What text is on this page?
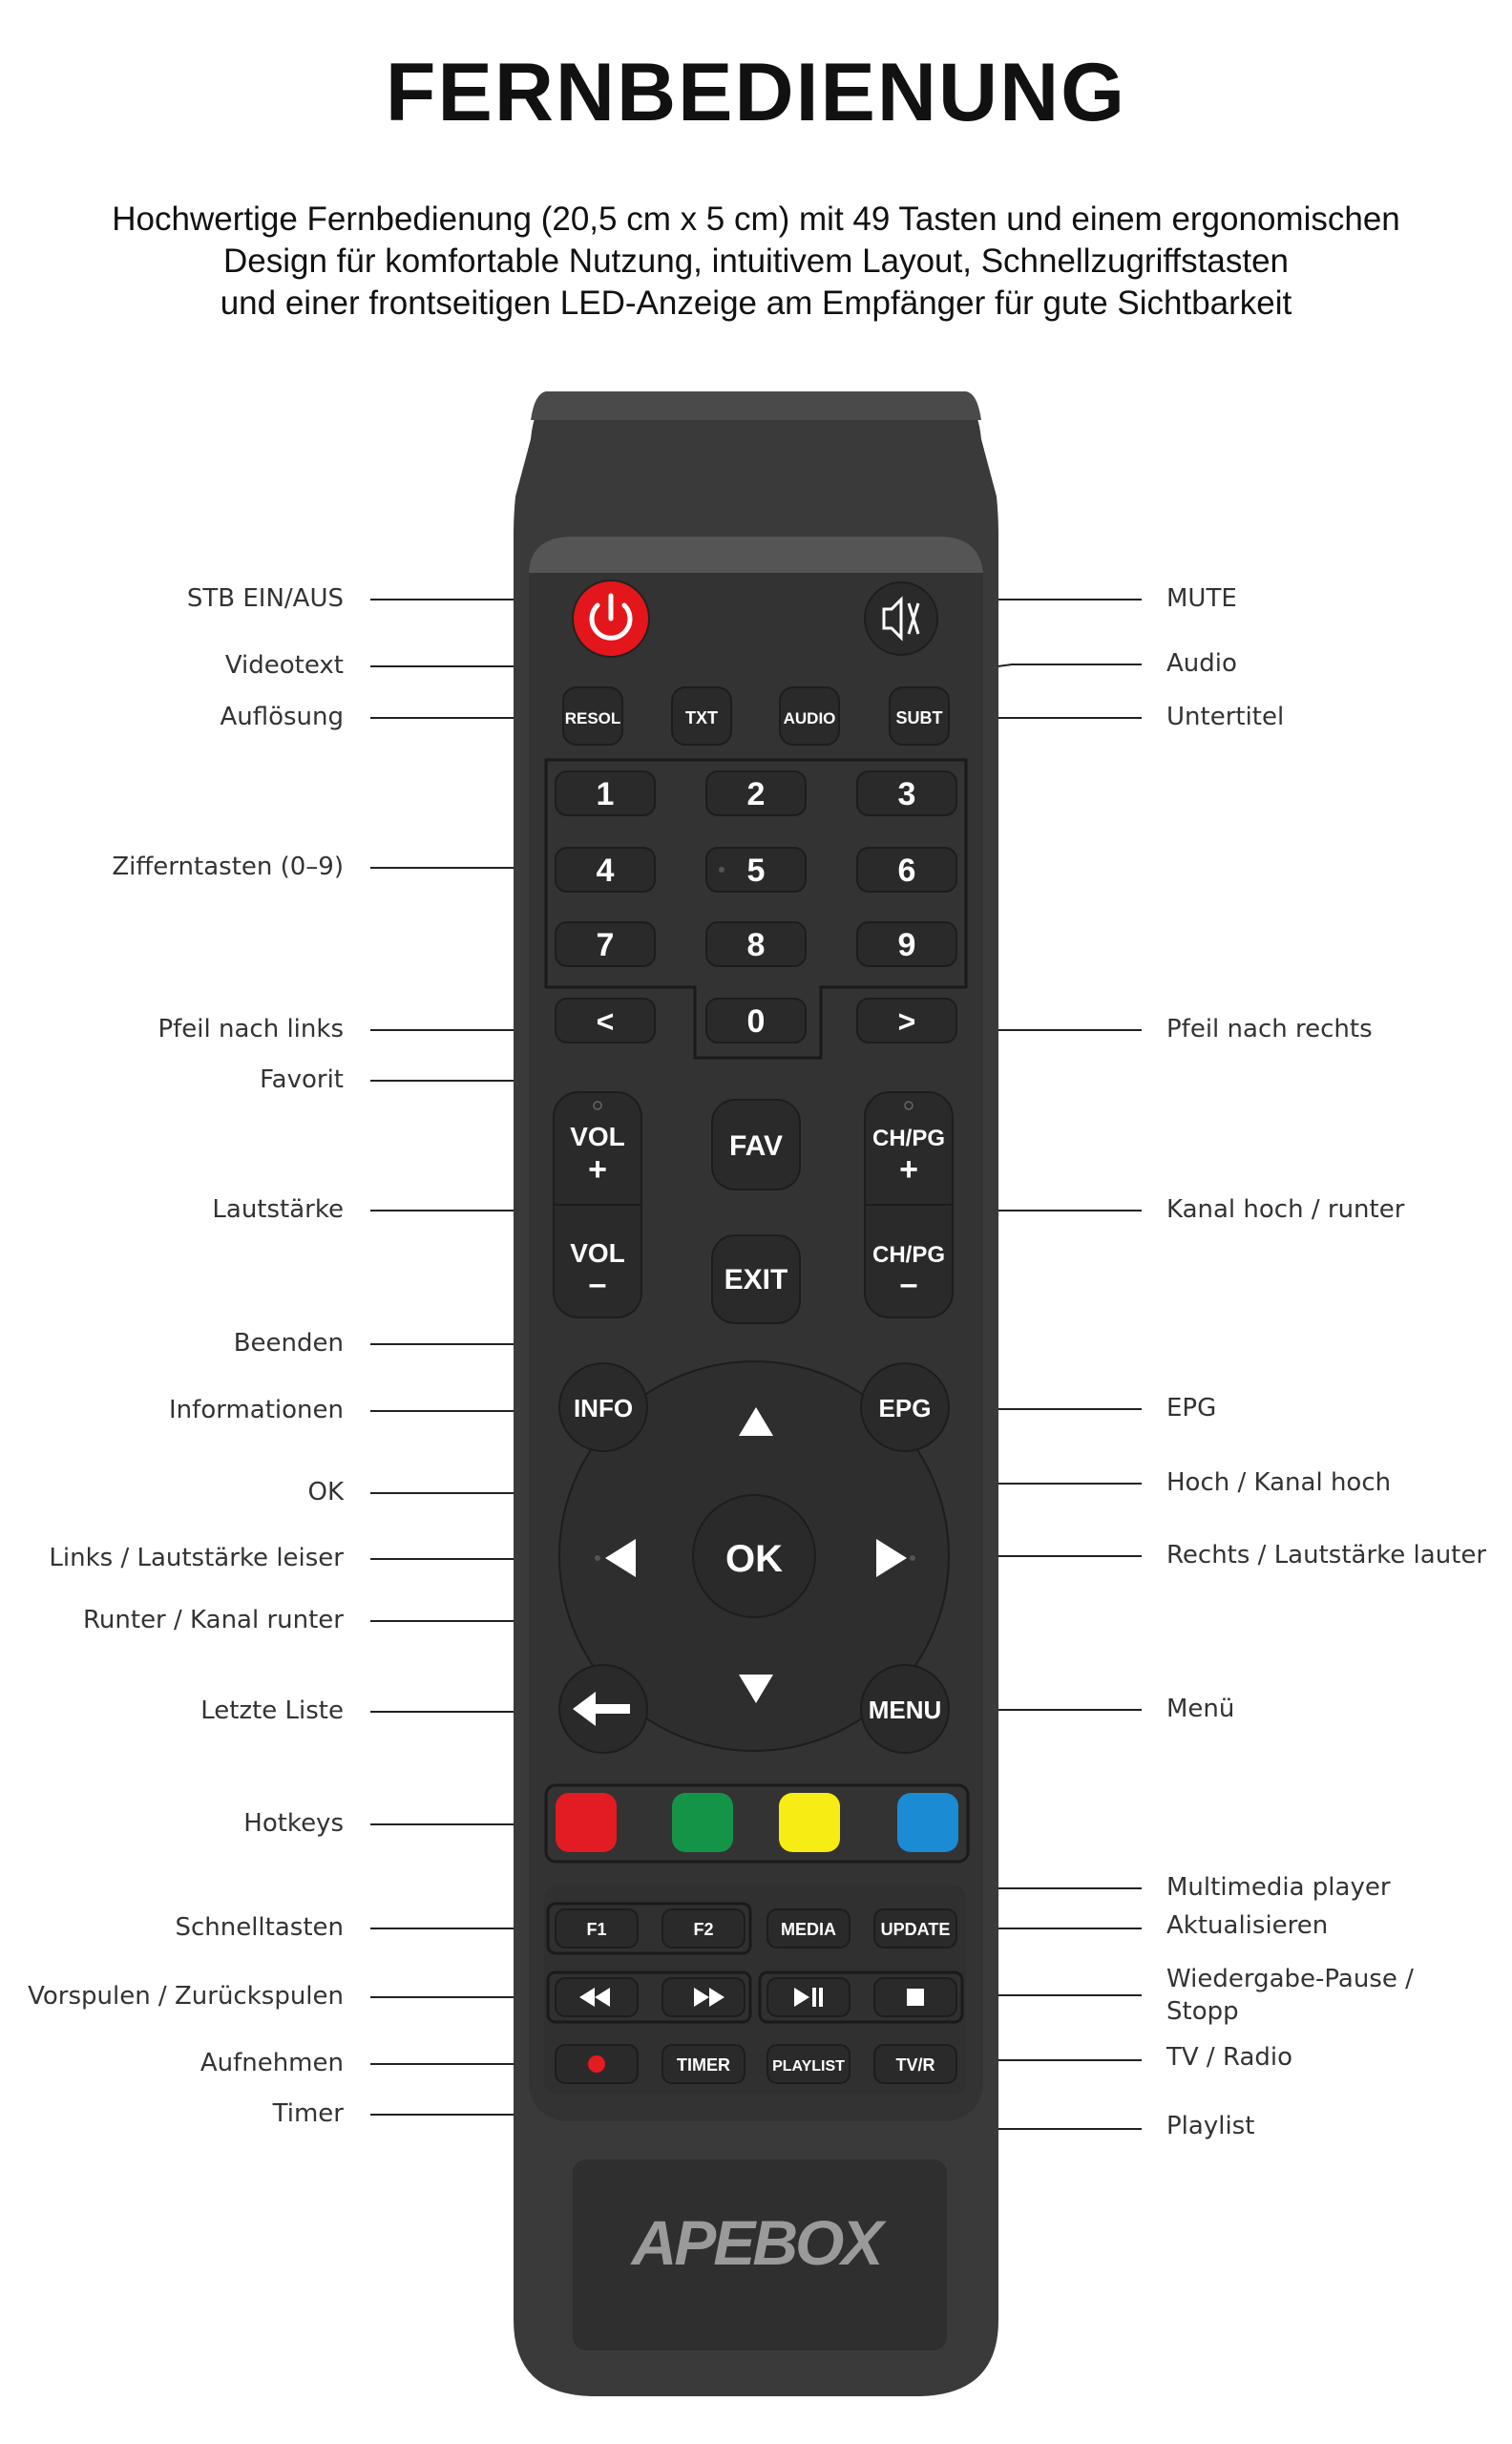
FERNBEDIENUNG
Hochwertige Fernbedienung (20,5 cm x 5 cm) mit 49 Tasten und einem ergonomischen
Design für komfortable Nutzung, intuitivem Layout, Schnellzugriffstasten
und einer frontseitigen LED-Anzeige am Empfänger für gute Sichtbarkeit
STB EIN/AUS
Videotext
Auflösung
Zifferntasten (0–9)
Pfeil nach links
Favorit
Lautstärke
Beenden
Informationen
OK
Links / Lautstärke leiser
Runter / Kanal runter
Letzte Liste
Hotkeys
Schnelltasten
Vorspulen / Zurückspulen
Aufnehmen
Timer
MUTE
Audio
Untertitel
Pfeil nach rechts
Kanal hoch / runter
EPG
Hoch / Kanal hoch
Rechts / Lautstärke lauter
Menü
Multimedia player
Aktualisieren
Wiedergabe-Pause /
Stopp
TV / Radio
Playlist
RESOL	TXT	AUDIO	SUBT
1	2	3
4	5	6
7	8	9
<	0	>
VOL
+
VOL
–
CH/PG
+
CH/PG
–
FAV
EXIT
INFO	EPG
MENU
OK
F1	F2	MEDIA	UPDATE
TIMER	PLAYLIST	TV/R
APEBOX
